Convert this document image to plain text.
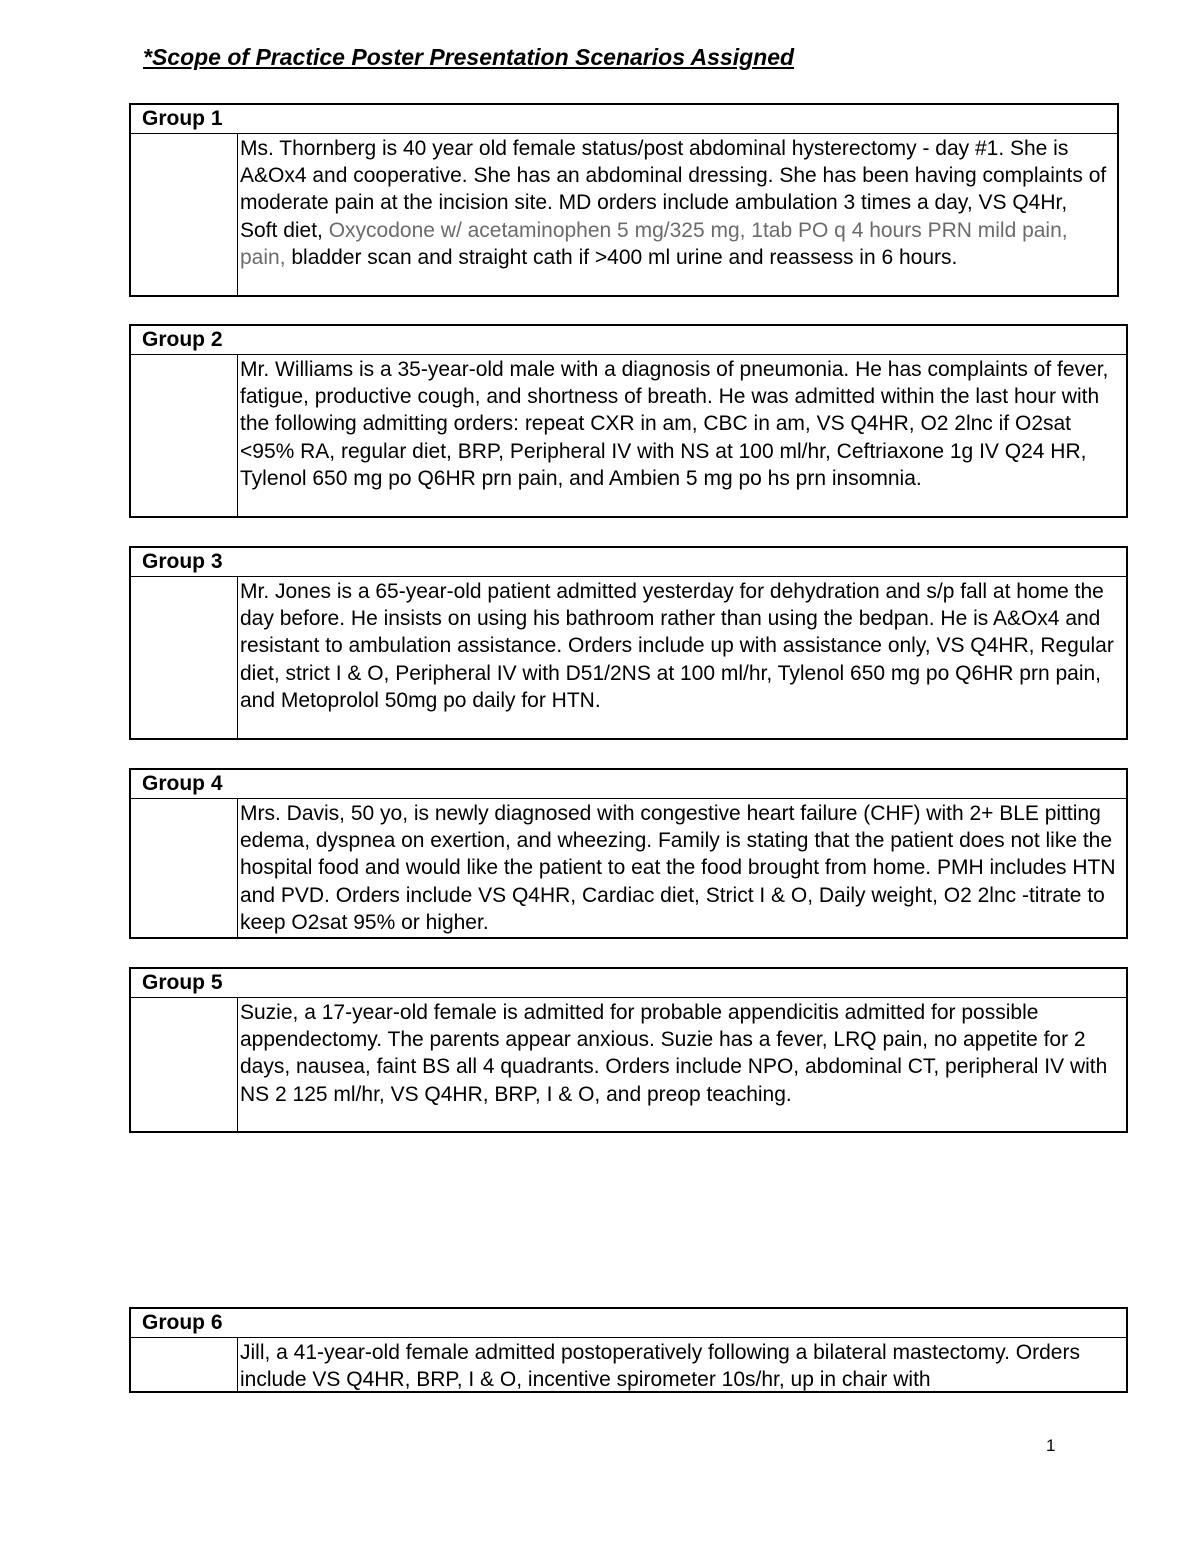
*Scope of Practice Poster Presentation Scenarios Assigned
Group 1
Ms. Thornberg is 40 year old female status/post abdominal hysterectomy - day #1. She is A&Ox4 and cooperative. She has an abdominal dressing. She has been having complaints of moderate pain at the incision site. MD orders include ambulation 3 times a day, VS Q4Hr, Soft diet, Oxycodone w/ acetaminophen 5 mg/325 mg, 1tab PO q 4 hours PRN mild pain, pain, bladder scan and straight cath if >400 ml urine and reassess in 6 hours.
Group 2
Mr. Williams is a 35-year-old male with a diagnosis of pneumonia. He has complaints of fever, fatigue, productive cough, and shortness of breath. He was admitted within the last hour with the following admitting orders: repeat CXR in am, CBC in am, VS Q4HR, O2 2lnc if O2sat <95% RA, regular diet, BRP, Peripheral IV with NS at 100 ml/hr, Ceftriaxone 1g IV Q24 HR, Tylenol 650 mg po Q6HR prn pain, and Ambien 5 mg po hs prn insomnia.
Group 3
Mr. Jones is a 65-year-old patient admitted yesterday for dehydration and s/p fall at home the day before. He insists on using his bathroom rather than using the bedpan. He is A&Ox4 and resistant to ambulation assistance. Orders include up with assistance only, VS Q4HR, Regular diet, strict I & O, Peripheral IV with D51/2NS at 100 ml/hr, Tylenol 650 mg po Q6HR prn pain, and Metoprolol 50mg po daily for HTN.
Group 4
Mrs. Davis, 50 yo, is newly diagnosed with congestive heart failure (CHF) with 2+ BLE pitting edema, dyspnea on exertion, and wheezing. Family is stating that the patient does not like the hospital food and would like the patient to eat the food brought from home. PMH includes HTN and PVD. Orders include VS Q4HR, Cardiac diet, Strict I & O, Daily weight, O2 2lnc -titrate to keep O2sat 95% or higher.
Group 5
Suzie, a 17-year-old female is admitted for probable appendicitis admitted for possible appendectomy. The parents appear anxious. Suzie has a fever, LRQ pain, no appetite for 2 days, nausea, faint BS all 4 quadrants. Orders include NPO, abdominal CT, peripheral IV with NS 2 125 ml/hr, VS Q4HR, BRP, I & O, and preop teaching.
Group 6
Jill, a 41-year-old female admitted postoperatively following a bilateral mastectomy. Orders include VS Q4HR, BRP, I & O, incentive spirometer 10s/hr, up in chair with
1
